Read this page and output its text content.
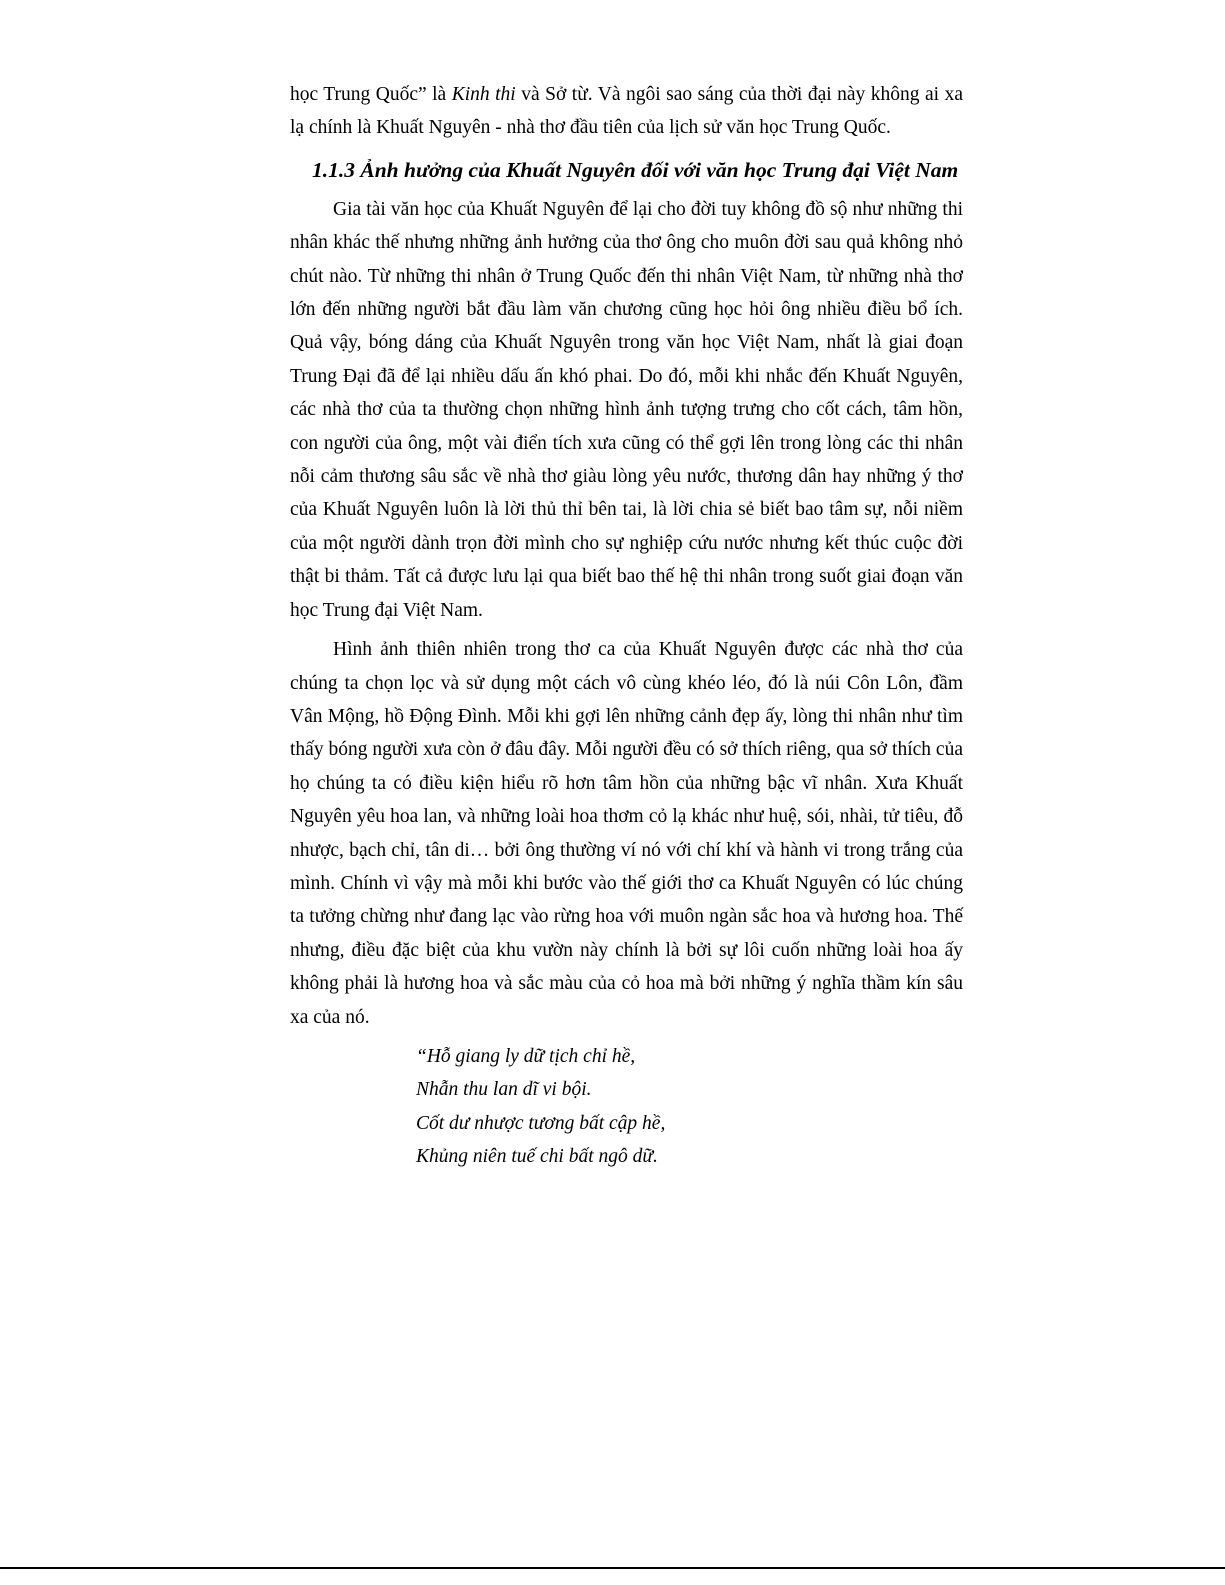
học Trung Quốc” là Kinh thi và Sở từ. Và ngôi sao sáng của thời đại này không ai xa lạ chính là Khuất Nguyên - nhà thơ đầu tiên của lịch sử văn học Trung Quốc.

1.1.3 Ảnh hưởng của Khuất Nguyên đối với văn học Trung đại Việt Nam

Gia tài văn học của Khuất Nguyên để lại cho đời tuy không đồ sộ như những thi nhân khác thế nhưng những ảnh hưởng của thơ ông cho muôn đời sau quả không nhỏ chút nào. Từ những thi nhân ở Trung Quốc đến thi nhân Việt Nam, từ những nhà thơ lớn đến những người bắt đầu làm văn chương cũng học hỏi ông nhiều điều bổ ích. Quả vậy, bóng dáng của Khuất Nguyên trong văn học Việt Nam, nhất là giai đoạn Trung Đại đã để lại nhiều dấu ấn khó phai. Do đó, mỗi khi nhắc đến Khuất Nguyên, các nhà thơ của ta thường chọn những hình ảnh tượng trưng cho cốt cách, tâm hồn, con người của ông, một vài điển tích xưa cũng có thể gợi lên trong lòng các thi nhân nỗi cảm thương sâu sắc về nhà thơ giàu lòng yêu nước, thương dân hay những ý thơ của Khuất Nguyên luôn là lời thủ thỉ bên tai, là lời chia sẻ biết bao tâm sự, nỗi niềm của một người dành trọn đời mình cho sự nghiệp cứu nước nhưng kết thúc cuộc đời thật bi thảm. Tất cả được lưu lại qua biết bao thế hệ thi nhân trong suốt giai đoạn văn học Trung đại Việt Nam.

Hình ảnh thiên nhiên trong thơ ca của Khuất Nguyên được các nhà thơ của chúng ta chọn lọc và sử dụng một cách vô cùng khéo léo, đó là núi Côn Lôn, đầm Vân Mộng, hồ Động Đình. Mỗi khi gợi lên những cảnh đẹp ấy, lòng thi nhân như tìm thấy bóng người xưa còn ở đâu đây. Mỗi người đều có sở thích riêng, qua sở thích của họ chúng ta có điều kiện hiểu rõ hơn tâm hồn của những bậc vĩ nhân. Xưa Khuất Nguyên yêu hoa lan, và những loài hoa thơm cỏ lạ khác như huệ, sói, nhài, tử tiêu, đỗ nhược, bạch chỉ, tân di… bởi ông thường ví nó với chí khí và hành vi trong trắng của mình. Chính vì vậy mà mỗi khi bước vào thế giới thơ ca Khuất Nguyên có lúc chúng ta tưởng chừng như đang lạc vào rừng hoa với muôn ngàn sắc hoa và hương hoa. Thế nhưng, điều đặc biệt của khu vườn này chính là bởi sự lôi cuốn những loài hoa ấy không phải là hương hoa và sắc màu của cỏ hoa mà bởi những ý nghĩa thầm kín sâu xa của nó.

“Hỗ giang ly dữ tịch chỉ hề,
Nhẫn thu lan dĩ vi bội.
Cốt dư nhược tương bất cập hề,
Khủng niên tuế chi bất ngô dữ.
